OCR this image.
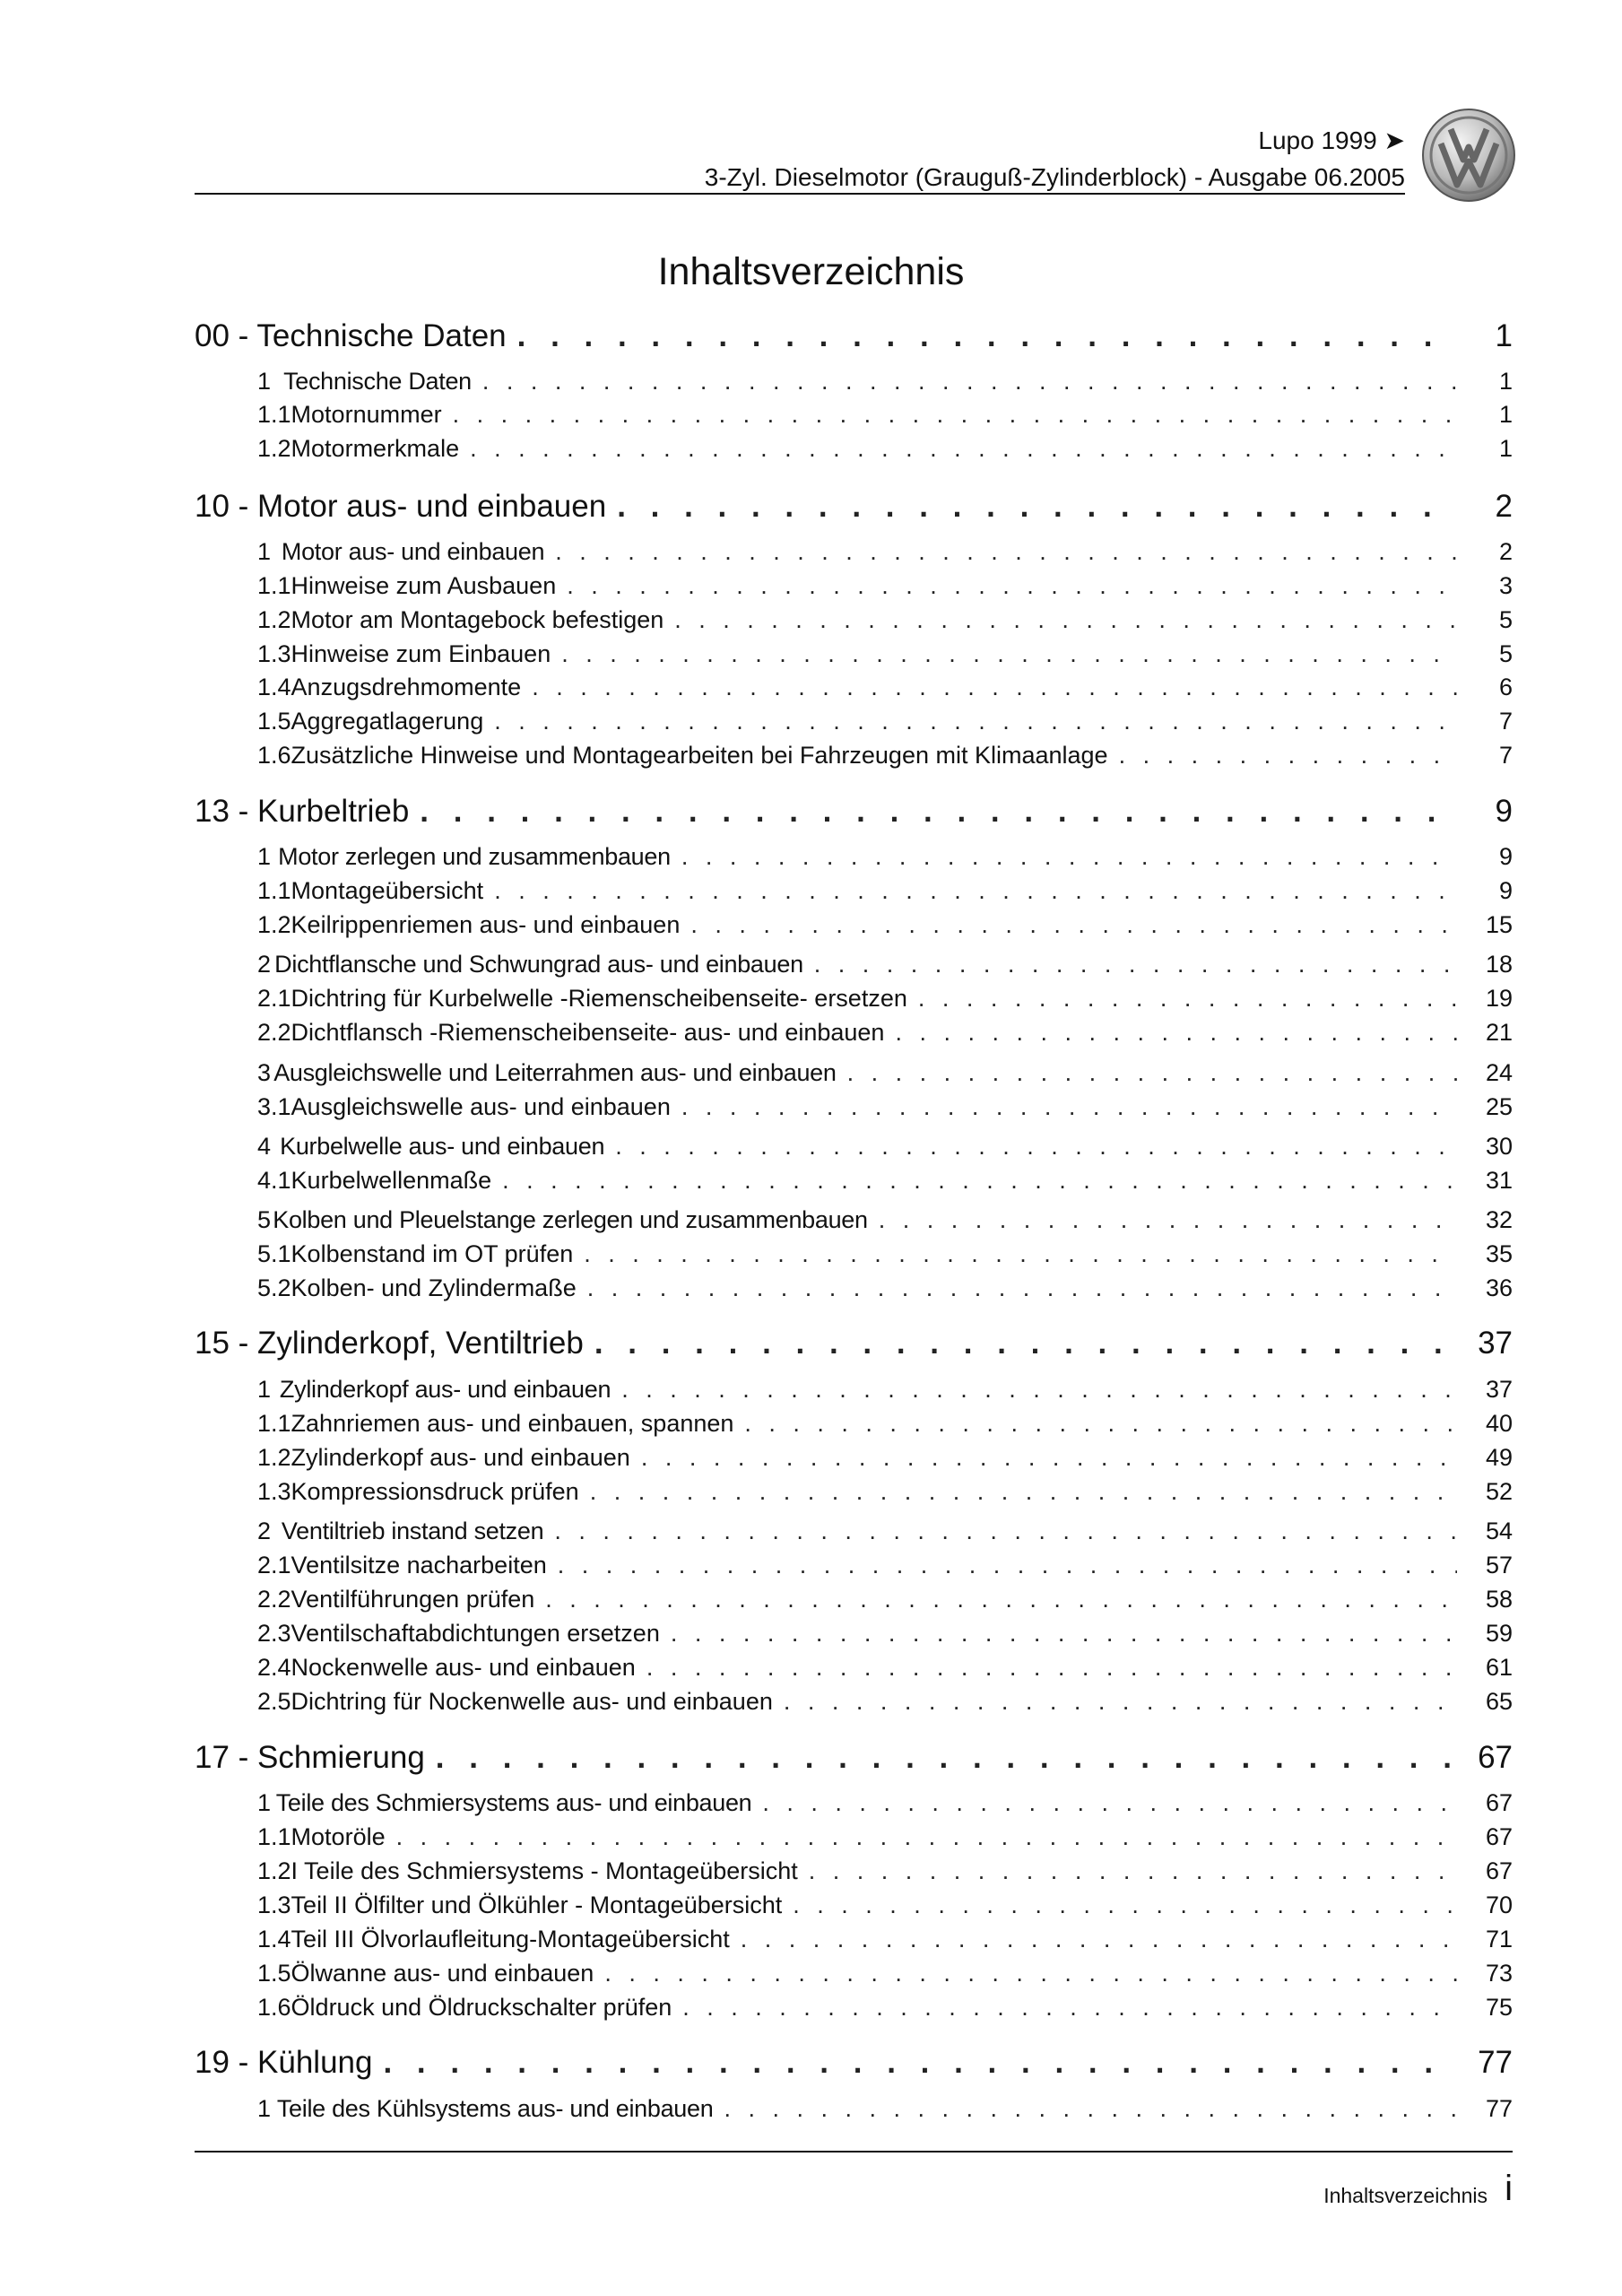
Lupo 1999 ➤
3-Zyl. Dieselmotor (Grauguß-Zylinderblock) - Ausgabe 06.2005
Inhaltsverzeichnis
00 - Technische Daten . . .	1
1 Technische Daten . . .	1
1.1 Motornummer . . .	1
1.2 Motormerkmale . . .	1
10 - Motor aus- und einbauen . . .	2
1 Motor aus- und einbauen . . .	2
1.1 Hinweise zum Ausbauen . . .	3
1.2 Motor am Montagebock befestigen . . .	5
1.3 Hinweise zum Einbauen . . .	5
1.4 Anzugsdrehmomente . . .	6
1.5 Aggregatlagerung . . .	7
1.6 Zusätzliche Hinweise und Montagearbeiten bei Fahrzeugen mit Klimaanlage . . .	7
13 - Kurbeltrieb . . .	9
1 Motor zerlegen und zusammenbauen . . .	9
1.1 Montageübersicht . . .	9
1.2 Keilrippenriemen aus- und einbauen . . .	15
2 Dichtflansche und Schwungrad aus- und einbauen . . .	18
2.1 Dichtring für Kurbelwelle -Riemenscheibenseite- ersetzen . . .	19
2.2 Dichtflansch -Riemenscheibenseite- aus- und einbauen . . .	21
3 Ausgleichswelle und Leiterrahmen aus- und einbauen . . .	24
3.1 Ausgleichswelle aus- und einbauen . . .	25
4 Kurbelwelle aus- und einbauen . . .	30
4.1 Kurbelwellenmaße . . .	31
5 Kolben und Pleuelstange zerlegen und zusammenbauen . . .	32
5.1 Kolbenstand im OT prüfen . . .	35
5.2 Kolben- und Zylindermaße . . .	36
15 - Zylinderkopf, Ventiltrieb . . .	37
1 Zylinderkopf aus- und einbauen . . .	37
1.1 Zahnriemen aus- und einbauen, spannen . . .	40
1.2 Zylinderkopf aus- und einbauen . . .	49
1.3 Kompressionsdruck prüfen . . .	52
2 Ventiltrieb instand setzen . . .	54
2.1 Ventilsitze nacharbeiten . . .	57
2.2 Ventilführungen prüfen . . .	58
2.3 Ventilschaftabdichtungen ersetzen . . .	59
2.4 Nockenwelle aus- und einbauen . . .	61
2.5 Dichtring für Nockenwelle aus- und einbauen . . .	65
17 - Schmierung . . .	67
1 Teile des Schmiersystems aus- und einbauen . . .	67
1.1 Motoröle . . .	67
1.2 I Teile des Schmiersystems - Montageübersicht . . .	67
1.3 Teil II Ölfilter und Ölkühler - Montageübersicht . . .	70
1.4 Teil III Ölvorlaufleitung-Montageübersicht . . .	71
1.5 Ölwanne aus- und einbauen . . .	73
1.6 Öldruck und Öldruckschalter prüfen . . .	75
19 - Kühlung . . .	77
1 Teile des Kühlsystems aus- und einbauen . . .	77
Inhaltsverzeichnis i
